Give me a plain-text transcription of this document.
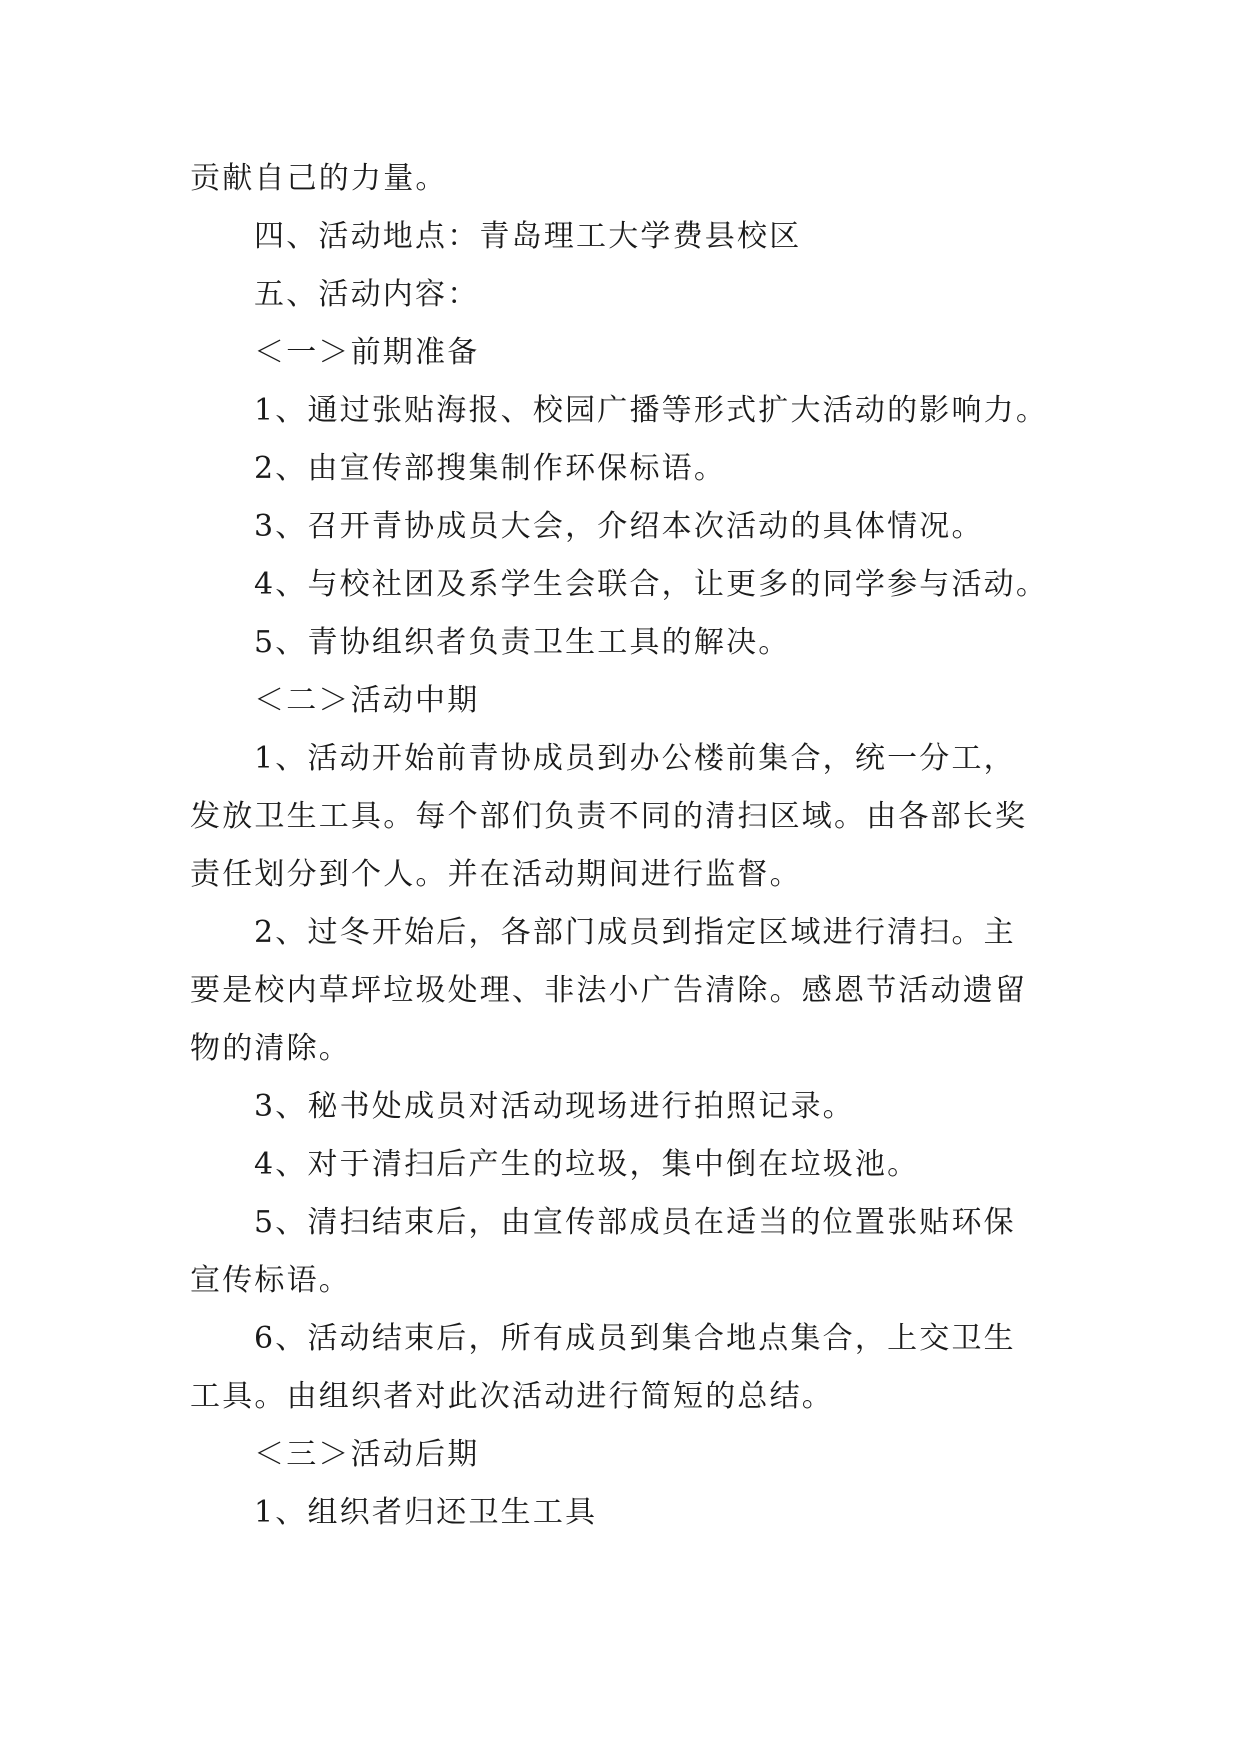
贡献自己的力量。

四、活动地点：青岛理工大学费县校区

五、活动内容：

＜一＞前期准备

1、通过张贴海报、校园广播等形式扩大活动的影响力。

2、由宣传部搜集制作环保标语。

3、召开青协成员大会，介绍本次活动的具体情况。

4、与校社团及系学生会联合，让更多的同学参与活动。

5、青协组织者负责卫生工具的解决。

＜二＞活动中期

1、活动开始前青协成员到办公楼前集合，统一分工，

发放卫生工具。每个部们负责不同的清扫区域。由各部长奖

责任划分到个人。并在活动期间进行监督。

2、过冬开始后，各部门成员到指定区域进行清扫。主

要是校内草坪垃圾处理、非法小广告清除。感恩节活动遗留

物的清除。

3、秘书处成员对活动现场进行拍照记录。

4、对于清扫后产生的垃圾，集中倒在垃圾池。

5、清扫结束后，由宣传部成员在适当的位置张贴环保

宣传标语。

6、活动结束后，所有成员到集合地点集合，上交卫生

工具。由组织者对此次活动进行简短的总结。

＜三＞活动后期

1、组织者归还卫生工具
